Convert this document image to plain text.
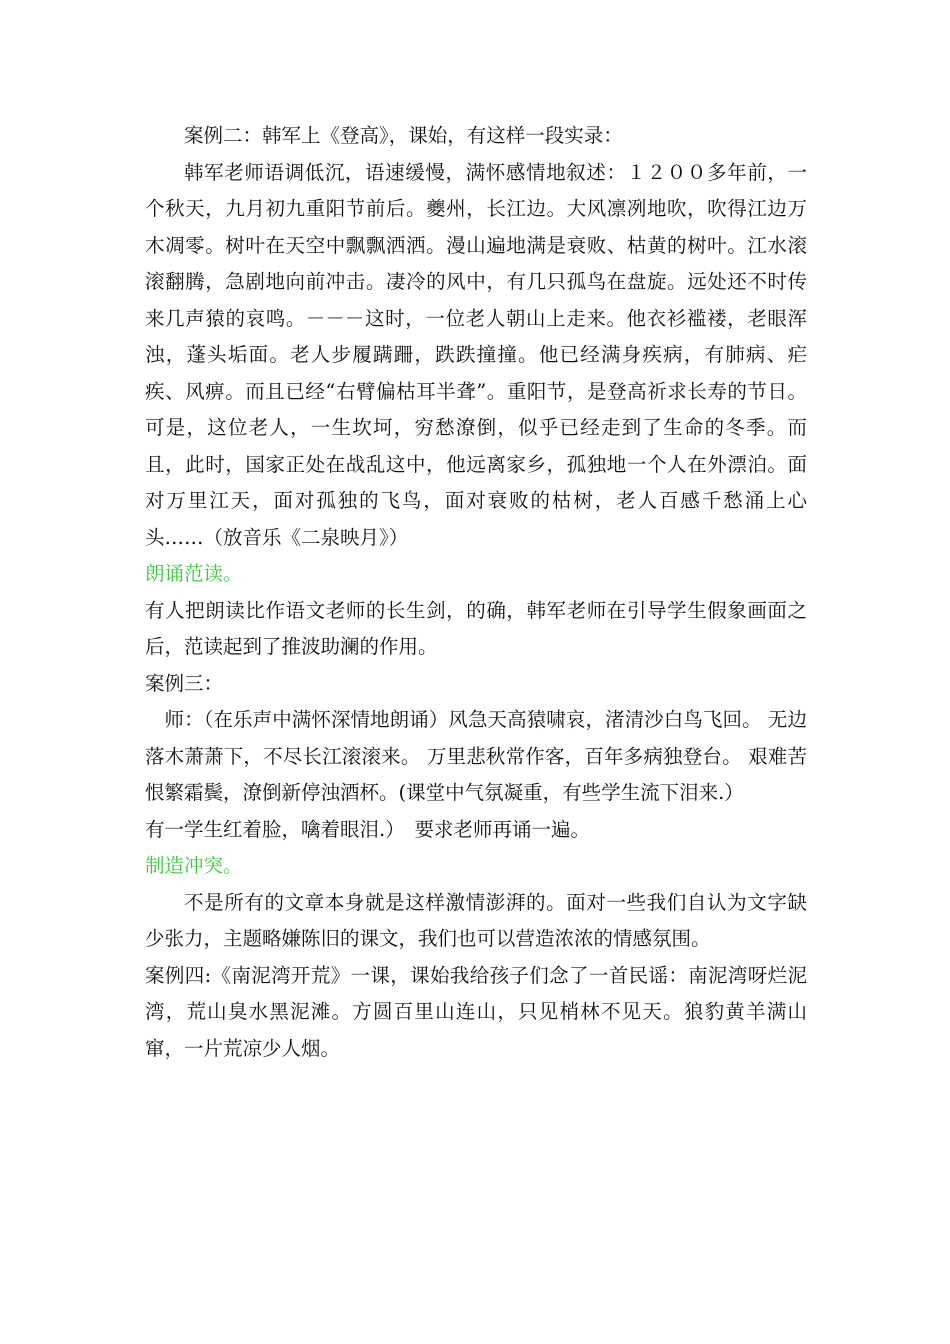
案例二：韩军上《登高》，课始，有这样一段实录：

韩军老师语调低沉，语速缓慢，满怀感情地叙述：１２００多年前，一个秋天，九月初九重阳节前后。夔州，长江边。大风凛冽地吹，吹得江边万木凋零。树叶在天空中飘飘洒洒。漫山遍地满是衰败、枯黄的树叶。江水滚滚翻腾，急剧地向前冲击。凄冷的风中，有几只孤鸟在盘旋。远处还不时传来几声猿的哀鸣。－－－这时，一位老人朝山上走来。他衣衫褴褛，老眼浑浊，蓬头垢面。老人步履蹒跚，跌跌撞撞。他已经满身疾病，有肺病、疟疾、风痹。而且已经“右臂偏枯耳半聋”。重阳节，是登高祈求长寿的节日。可是，这位老人，一生坎坷，穷愁潦倒，似乎已经走到了生命的冬季。而且，此时，国家正处在战乱这中，他远离家乡，孤独地一个人在外漂泊。面对万里江天，面对孤独的飞鸟，面对衰败的枯树，老人百感千愁涌上心头……（放音乐《二泉映月》）

朗诵范读。

有人把朗读比作语文老师的长生剑，的确，韩军老师在引导学生假象画面之后，范读起到了推波助澜的作用。

案例三：

师：（在乐声中满怀深情地朗诵）风急天高猿啸哀，渚清沙白鸟飞回。 无边落木萧萧下，不尽长江滚滚来。 万里悲秋常作客，百年多病独登台。 艰难苦恨繁霜鬓，潦倒新停浊酒杯。(课堂中气氛凝重，有些学生流下泪来.）

有一学生红着脸，噙着眼泪.）　要求老师再诵一遍。

制造冲突。

不是所有的文章本身就是这样激情澎湃的。面对一些我们自认为文字缺少张力，主题略嫌陈旧的课文，我们也可以营造浓浓的情感氛围。

案例四:《南泥湾开荒》一课，课始我给孩子们念了一首民谣：南泥湾呀烂泥湾，荒山臭水黑泥滩。方圆百里山连山，只见梢林不见天。狼豹黄羊满山窜，一片荒凉少人烟。
